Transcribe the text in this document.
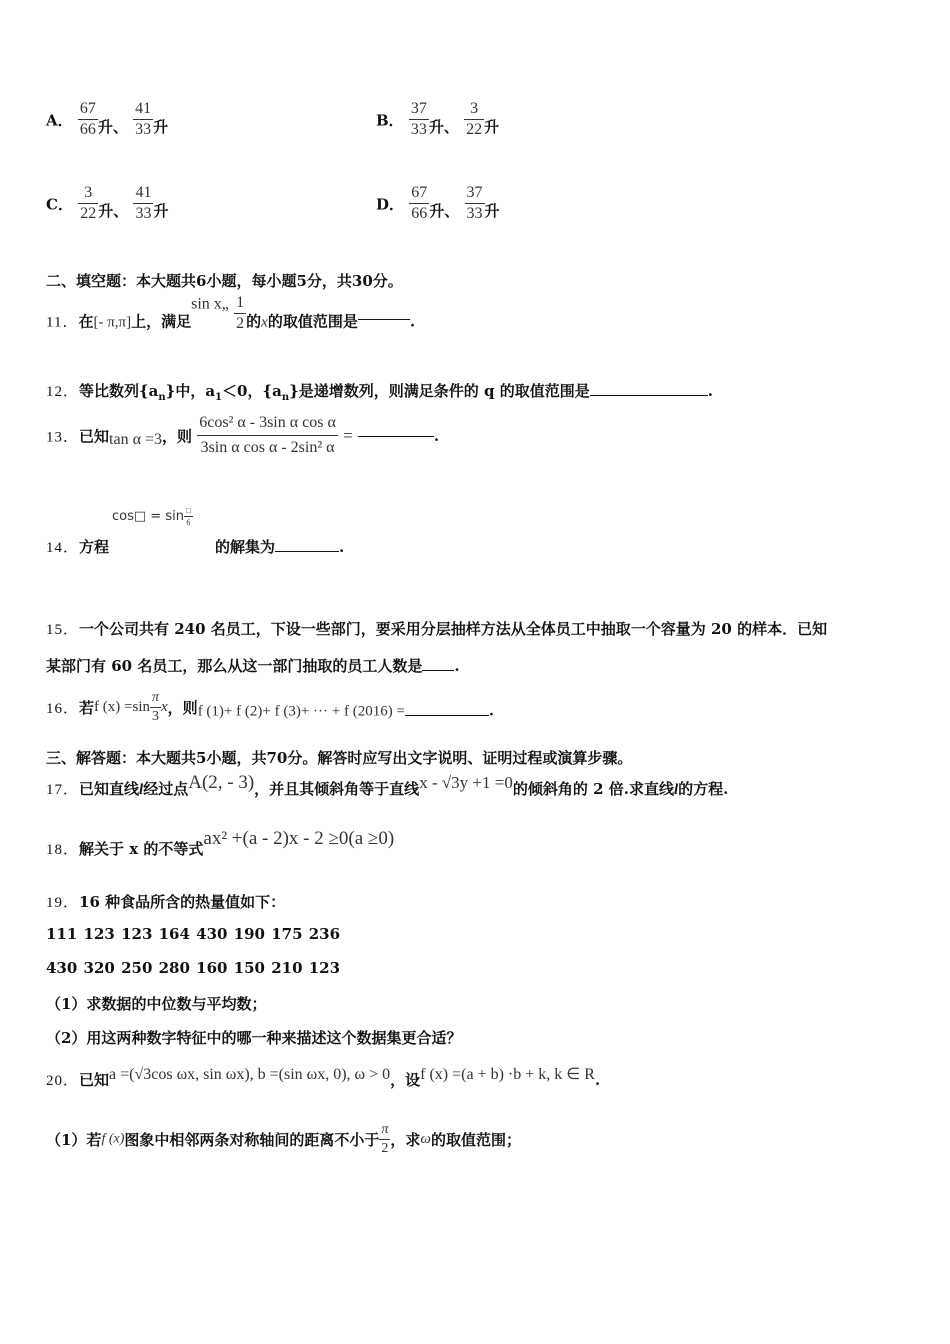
A． $\frac{67}{66}$ 升、 $\frac{41}{33}$ 升	B． $\frac{37}{33}$ 升、 $\frac{3}{22}$ 升
C． $\frac{3}{22}$ 升、 $\frac{41}{33}$ 升	D． $\frac{67}{66}$ 升、 $\frac{37}{33}$ 升
二、填空题：本大题共6小题，每小题5分，共30分。
11．在[- π,π]上，满足sin x„ $\frac{1}{2}$ 的x的取值范围是	.
12．等比数列$\{a_n\}$中，$a_1<0$，$\{a_n\}$是递增数列，则满足条件的 q 的取值范围是	.
13．已知tan α =3，则 $\frac{\text{6cos² α - 3sin α cos α}}{\text{3sin α cos α - 2sin² α}}$ =	.
cos□ = $\sin \frac{□}{6}$
14．方程	的解集为	.
15．一个公司共有 240 名员工，下设一些部门，要采用分层抽样方法从全体员工中抽取一个容量为 20 的样本．已知
某部门有 60 名员工，那么从这一部门抽取的员工人数是 .
16．若f $(x) =\sin \frac{\pi}{3}$ x，则f (1)+ f (2)+ f (3)+ ··· + f (2016) =	.
三、解答题：本大题共5小题，共70分。解答时应写出文字说明、证明过程或演算步骤。
17．已知直线l经过点A(2, - 3)，并且其倾斜角等于直线x - √3y +1 =0的倾斜角的 2 倍.求直线l的方程.
18．解关于 x 的不等式ax² +(a - 2)x - 2 ≥0(a ≥0)
19．16 种食品所含的热量值如下：
111 123 123 164 430 190 175 236
430 320 250 280 160 150 210 123
（1）求数据的中位数与平均数；
（2）用这两种数字特征中的哪一种来描述这个数据集更合适？
20．已知a =(√3cos ωx, sin ωx), b =(sin ωx, 0), ω > 0，设f (x) =(a + b) ·b + k, k ∈ R.
（1）若f (x)图象中相邻两条对称轴间的距离不小于 $\frac{\pi}{2}$ ，求ω的取值范围；
